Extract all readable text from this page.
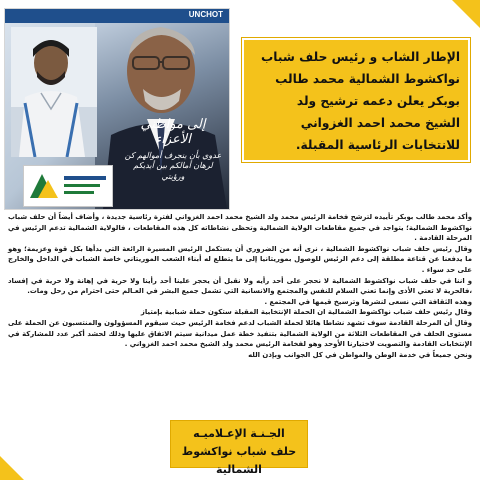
UNCHOT
إلى مواطني الأعزاء
عدوي بأن ينجرف أموالهم كن لرهان أمالكم بين أيديكم ورؤيتي
الإطار الشاب و رئيس حلف شباب
نواكشوط الشمالية محمد طالب
بوبكر يعلن دعمه ترشيح ولد
الشيخ محمد احمد الغزواني
للانتخابات الرئاسية المقبلة.

وأكد محمد طالب بوبكر تأييده لترشح فخامة الرئيس محمد ولد الشيخ محمد احمد الغزواني لفترة رئاسية جديدة ، وأضاف أيضاً أن حلف شباب نواكشوط الشمالية؛ يتواجد في جميع مقاطعات الولاية الشمالية وتحظى نشاطاته كل هذه المقاطعات ، فالولاية الشمالية تدعم الرئيس في المرحلة القادمة .

وقال رئيس حلف شباب نواكشوط الشمالية ، نرى أنه من الضروري أن يستكمل الرئيس المسيرة الرائعة التي بدأها بكل قوة وعزيمة؛ وهو ما يدفعنا عن قناعة مطلقة إلى دعم الرئيس للوصول بموريتانيا إلى ما يتطلع له أبناء الشعب الموريتاني خاصة الشباب في الداخل والخارج على حد سواء .

و اننا في حلف شباب نواكشوط الشمالية لا نحجر على أحد رأيه ولا نقبل أن يحجر علينا أحد رأينا ولا حرية في إهانة ولا حرية في إفساد ،فالحرية لا تعني الأذى وإنما تعني السلام للنفس والمجتمع والانسانية التي تشمل جميع البشر في العـالم حتى احترام من رحل ومات.

وهذه الثقافة التي نسعى لنشرها وترسيخ قيمها في المجتمع .

وقال رئيس حلف شباب نواكشوط الشمالية ان الحملة الإنتخابية المقبلة ستكون حملة شبابية بإمتياز

وقال أن المرحلة القادمة سوف تشهد نشاطا هائلا لحملة الشباب لدعم فخامة الرئيس حيث سيقوم المسؤولون والمنتسبون عن الحملة على مستوى الحلف في المقاطعات الثلاثة من الولاية الشمالية بتنفيذ خطة عمل ميدانية سيتم الاتفاق عليها وذلك لحشد أكبر عدد للمشاركة في الإنتخابات القادمة والتصويت لاختيارنا الأوحد وهو لفخامة الرئيس محمد ولد الشيخ محمد احمد الغزواني .

ونحن جميعاً في خدمة الوطن والمواطن في كل الجوانب وبإذن الله

الجـنـة الإعـلاميـه
حلف شباب نواكشوط الشمالية
